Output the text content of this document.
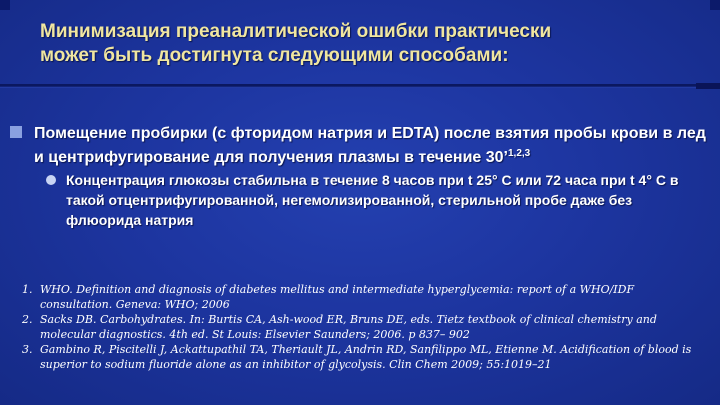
Минимизация преаналитической ошибки практически
может быть достигнута следующими способами:
Помещение пробирки (с фторидом натрия и EDTA) после взятия пробы крови в лед и центрифугирование для получения плазмы в течение 30’$^{1,2,3}$
Концентрация глюкозы стабильна в течение 8 часов при t 25° С или 72 часа при t 4° С в такой отцентрифугированной, негемолизированной, стерильной пробе даже без флюорида натрия
1. WHO. Definition and diagnosis of diabetes mellitus and intermediate hyperglycemia: report of a WHO/IDF consultation. Geneva: WHO; 2006
2. Sacks DB. Carbohydrates. In: Burtis CA, Ash-wood ER, Bruns DE, eds. Tietz textbook of clinical chemistry and molecular diagnostics. 4th ed. St Louis: Elsevier Saunders; 2006. p 837– 902
3. Gambino R, Piscitelli J, Ackattupathil TA, Theriault JL, Andrin RD, Sanfilippo ML, Etienne M. Acidification of blood is superior to sodium fluoride alone as an inhibitor of glycolysis. Clin Chem 2009; 55:1019–21
